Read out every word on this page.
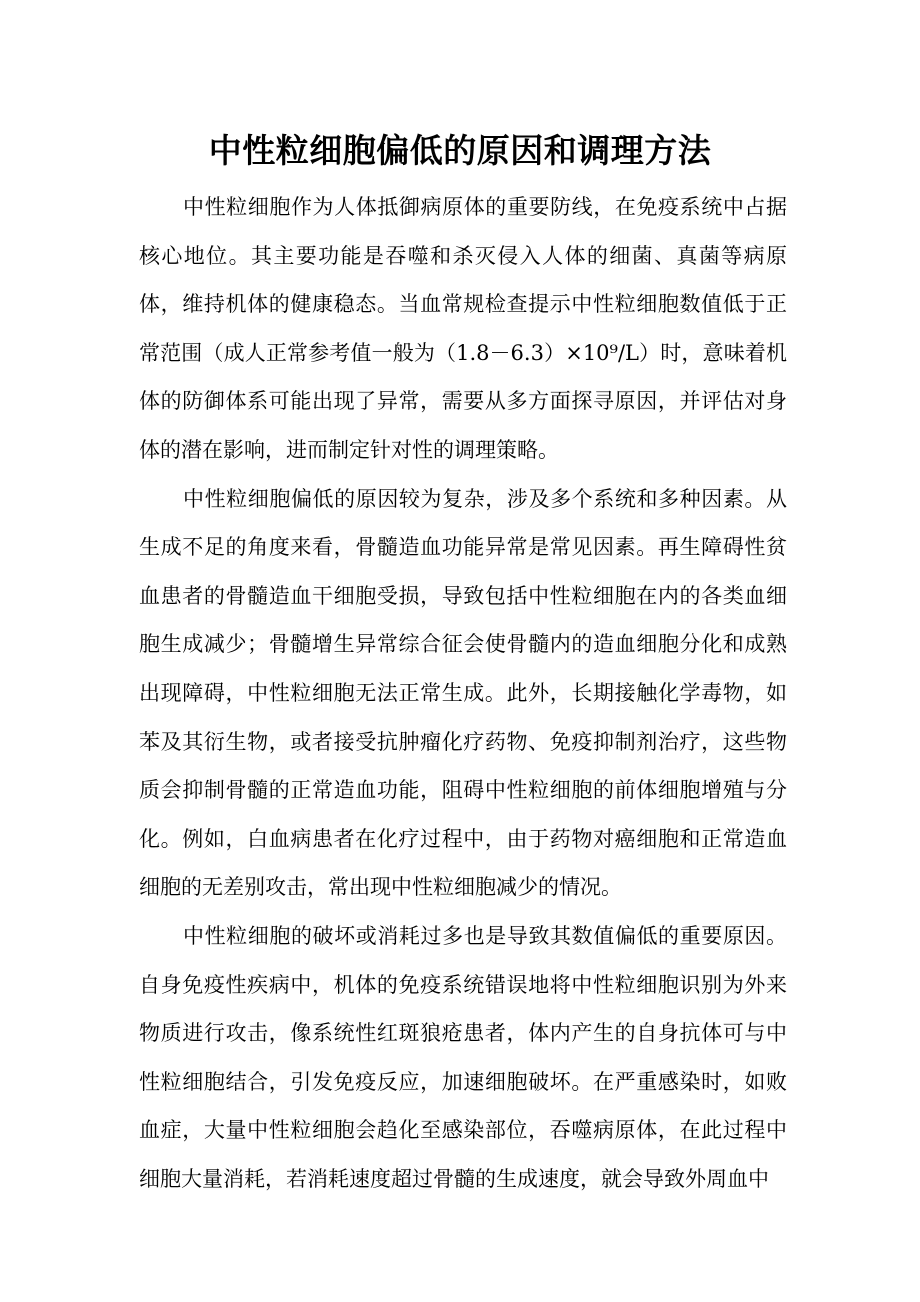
中性粒细胞偏低的原因和调理方法

中性粒细胞作为人体抵御病原体的重要防线，在免疫系统中占据核心地位。其主要功能是吞噬和杀灭侵入人体的细菌、真菌等病原体，维持机体的健康稳态。当血常规检查提示中性粒细胞数值低于正常范围（成人正常参考值一般为（1.8－6.3）×10⁹/L）时，意味着机体的防御体系可能出现了异常，需要从多方面探寻原因，并评估对身体的潜在影响，进而制定针对性的调理策略。

中性粒细胞偏低的原因较为复杂，涉及多个系统和多种因素。从生成不足的角度来看，骨髓造血功能异常是常见因素。再生障碍性贫血患者的骨髓造血干细胞受损，导致包括中性粒细胞在内的各类血细胞生成减少；骨髓增生异常综合征会使骨髓内的造血细胞分化和成熟出现障碍，中性粒细胞无法正常生成。此外，长期接触化学毒物，如苯及其衍生物，或者接受抗肿瘤化疗药物、免疫抑制剂治疗，这些物质会抑制骨髓的正常造血功能，阻碍中性粒细胞的前体细胞增殖与分化。例如，白血病患者在化疗过程中，由于药物对癌细胞和正常造血细胞的无差别攻击，常出现中性粒细胞减少的情况。

中性粒细胞的破坏或消耗过多也是导致其数值偏低的重要原因。自身免疫性疾病中，机体的免疫系统错误地将中性粒细胞识别为外来物质进行攻击，像系统性红斑狼疮患者，体内产生的自身抗体可与中性粒细胞结合，引发免疫反应，加速细胞破坏。在严重感染时，如败血症，大量中性粒细胞会趋化至感染部位，吞噬病原体，在此过程中细胞大量消耗，若消耗速度超过骨髓的生成速度，就会导致外周血中
